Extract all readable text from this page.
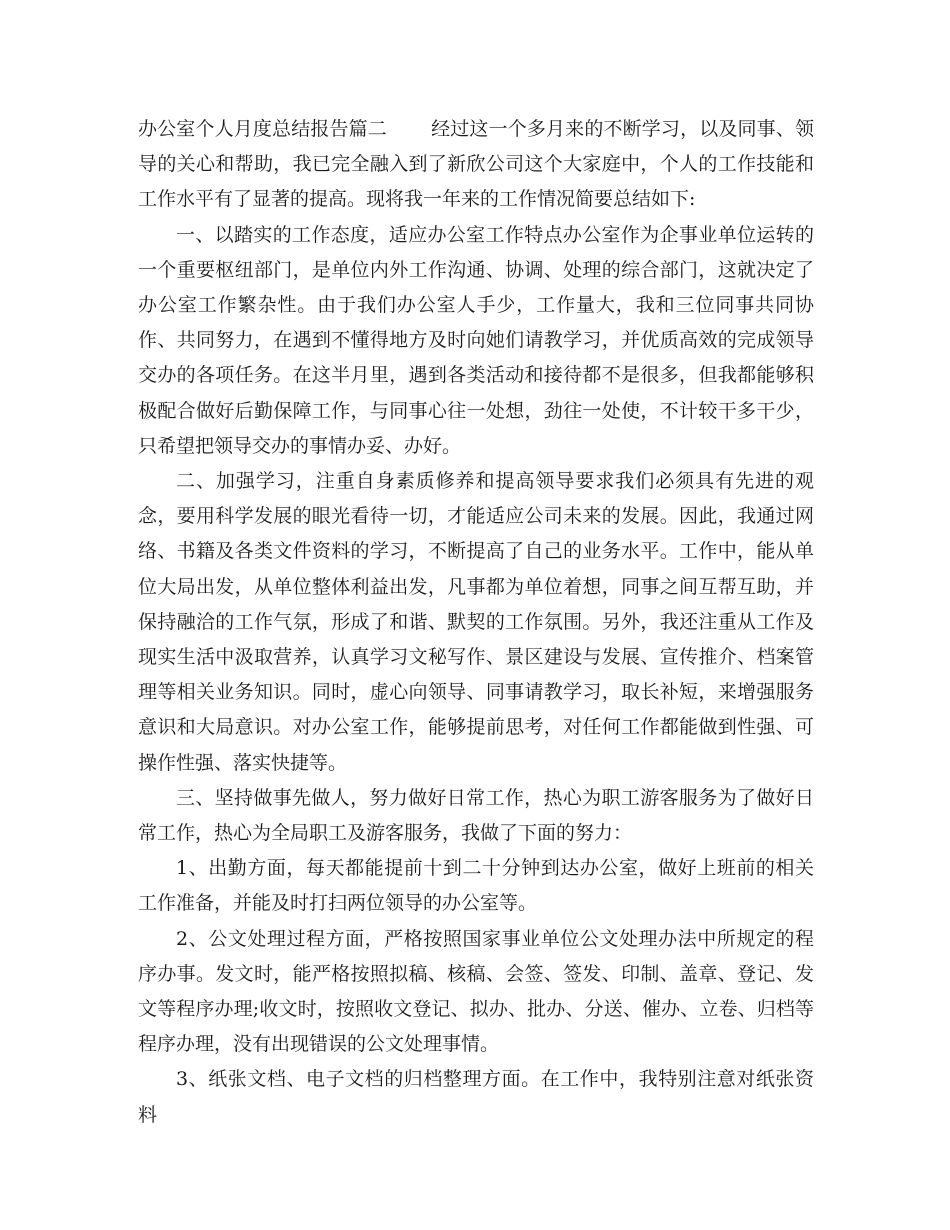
办公室个人月度总结报告篇二 经过这一个多月来的不断学习，以及同事、领导的关心和帮助，我已完全融入到了新欣公司这个大家庭中，个人的工作技能和工作水平有了显著的提高。现将我一年来的工作情况简要总结如下:

一、以踏实的工作态度，适应办公室工作特点办公室作为企事业单位运转的一个重要枢纽部门，是单位内外工作沟通、协调、处理的综合部门，这就决定了办公室工作繁杂性。由于我们办公室人手少，工作量大，我和三位同事共同协作、共同努力，在遇到不懂得地方及时向她们请教学习，并优质高效的完成领导交办的各项任务。在这半月里，遇到各类活动和接待都不是很多，但我都能够积极配合做好后勤保障工作，与同事心往一处想，劲往一处使，不计较干多干少，只希望把领导交办的事情办妥、办好。

二、加强学习，注重自身素质修养和提高领导要求我们必须具有先进的观念，要用科学发展的眼光看待一切，才能适应公司未来的发展。因此，我通过网络、书籍及各类文件资料的学习，不断提高了自己的业务水平。工作中，能从单位大局出发，从单位整体利益出发，凡事都为单位着想，同事之间互帮互助，并保持融洽的工作气氛，形成了和谐、默契的工作氛围。另外，我还注重从工作及现实生活中汲取营养，认真学习文秘写作、景区建设与发展、宣传推介、档案管理等相关业务知识。同时，虚心向领导、同事请教学习，取长补短，来增强服务意识和大局意识。对办公室工作，能够提前思考，对任何工作都能做到性强、可操作性强、落实快捷等。

三、坚持做事先做人，努力做好日常工作，热心为职工游客服务为了做好日常工作，热心为全局职工及游客服务，我做了下面的努力：

1、出勤方面，每天都能提前十到二十分钟到达办公室，做好上班前的相关工作准备，并能及时打扫两位领导的办公室等。

2、公文处理过程方面，严格按照国家事业单位公文处理办法中所规定的程序办事。发文时，能严格按照拟稿、核稿、会签、签发、印制、盖章、登记、发文等程序办理;收文时，按照收文登记、拟办、批办、分送、催办、立卷、归档等程序办理，没有出现错误的公文处理事情。

3、纸张文档、电子文档的归档整理方面。在工作中，我特别注意对纸张资料
